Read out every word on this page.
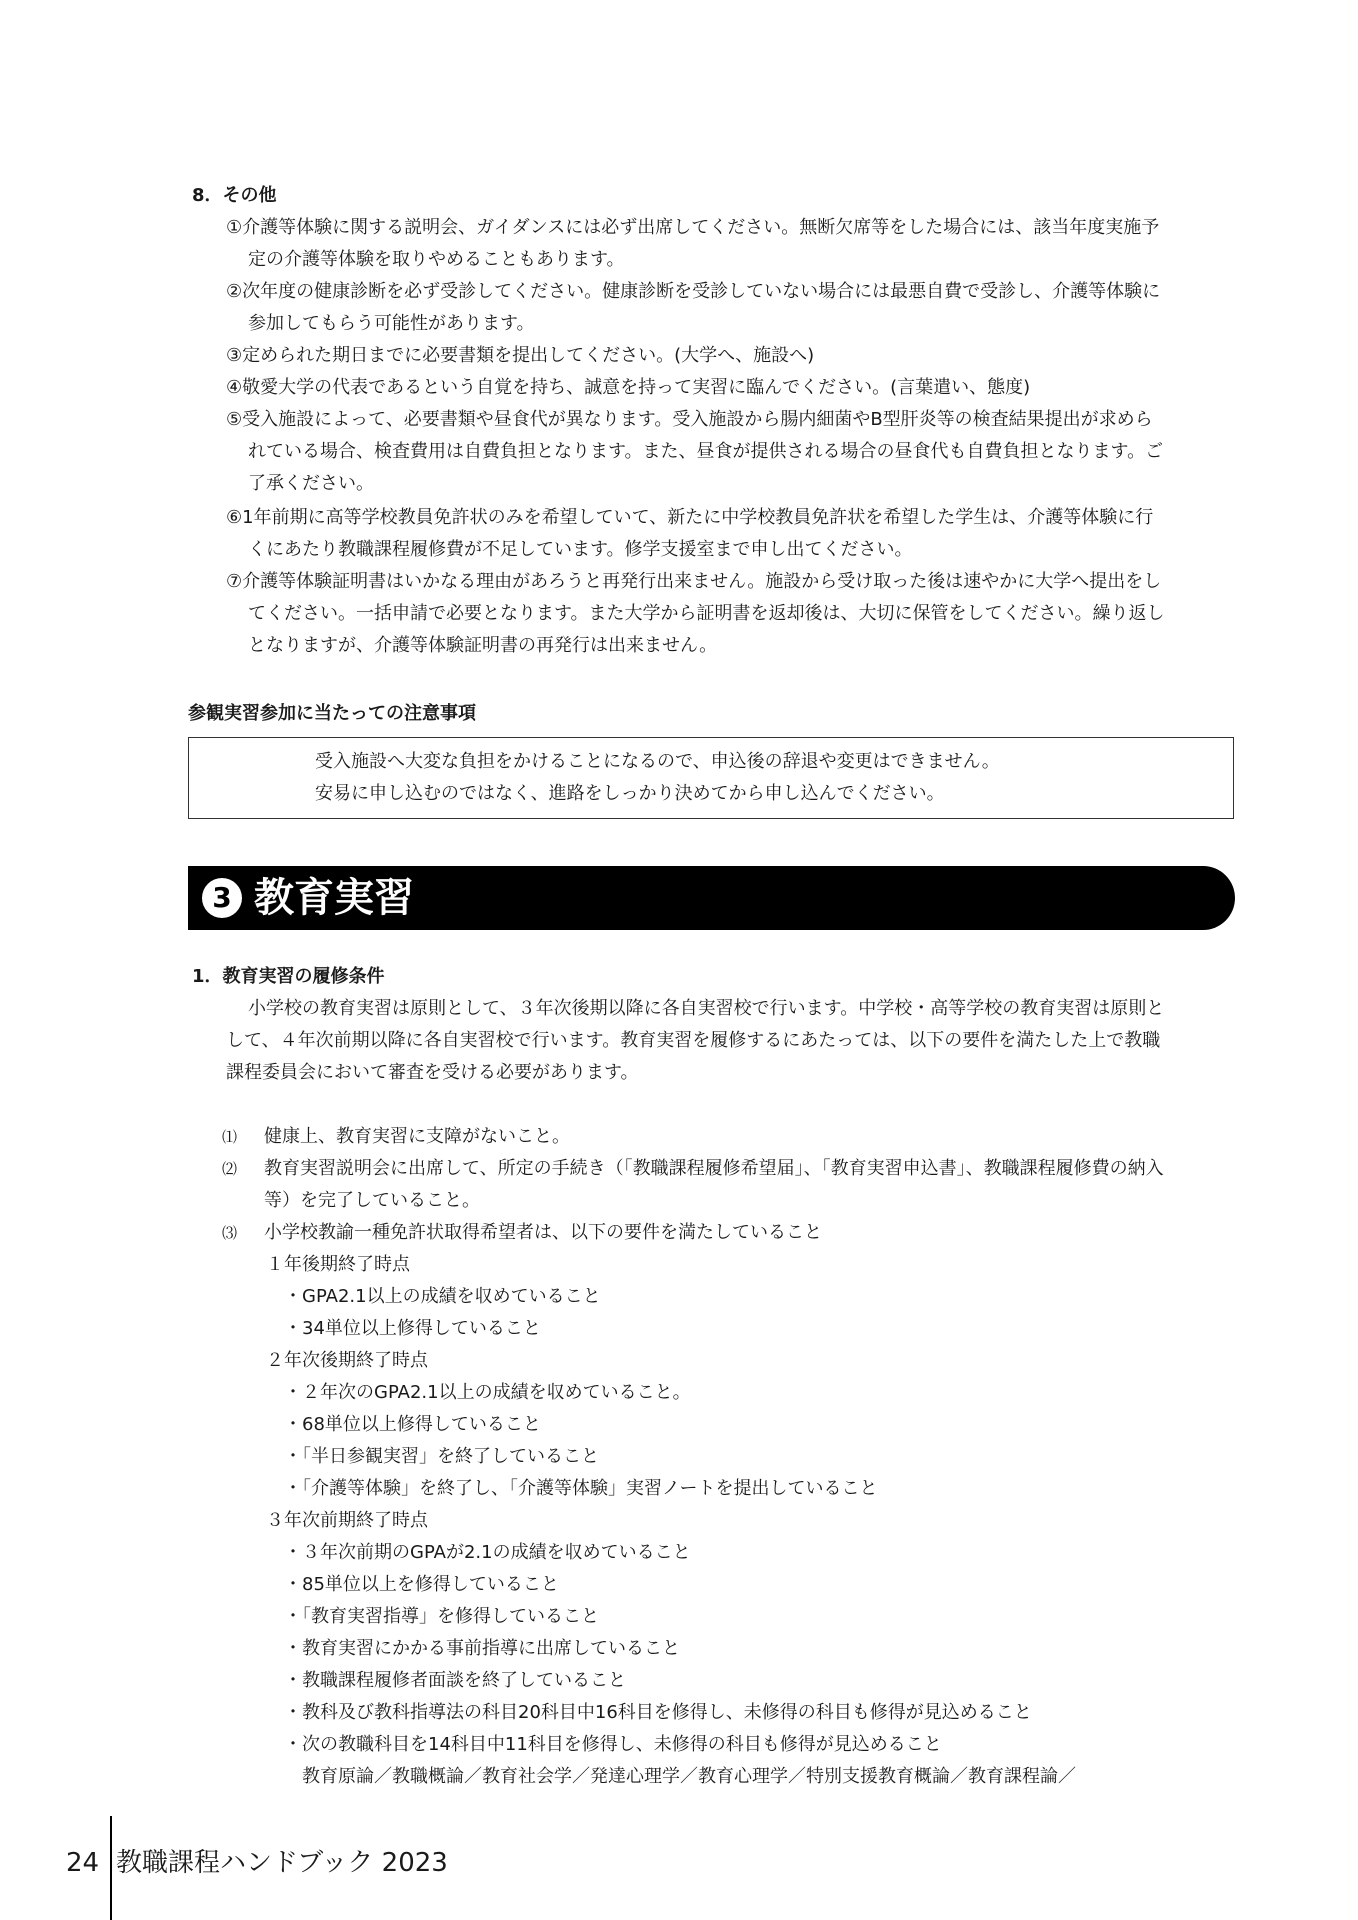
8．その他
①介護等体験に関する説明会、ガイダンスには必ず出席してください。無断欠席等をした場合には、該当年度実施予
定の介護等体験を取りやめることもあります。
②次年度の健康診断を必ず受診してください。健康診断を受診していない場合には最悪自費で受診し、介護等体験に
参加してもらう可能性があります。
③定められた期日までに必要書類を提出してください。(大学へ、施設へ)
④敬愛大学の代表であるという自覚を持ち、誠意を持って実習に臨んでください。(言葉遣い、態度)
⑤受入施設によって、必要書類や昼食代が異なります。受入施設から腸内細菌やB型肝炎等の検査結果提出が求めら
れている場合、検査費用は自費負担となります。また、昼食が提供される場合の昼食代も自費負担となります。ご
了承ください。
⑥1年前期に高等学校教員免許状のみを希望していて、新たに中学校教員免許状を希望した学生は、介護等体験に行
くにあたり教職課程履修費が不足しています。修学支援室まで申し出てください。
⑦介護等体験証明書はいかなる理由があろうと再発行出来ません。施設から受け取った後は速やかに大学へ提出をし
てください。一括申請で必要となります。また大学から証明書を返却後は、大切に保管をしてください。繰り返し
となりますが、介護等体験証明書の再発行は出来ません。
参観実習参加に当たっての注意事項
受入施設へ大変な負担をかけることになるので、申込後の辞退や変更はできません。
安易に申し込むのではなく、進路をしっかり決めてから申し込んでください。
3 教育実習
1．教育実習の履修条件
小学校の教育実習は原則として、３年次後期以降に各自実習校で行います。中学校・高等学校の教育実習は原則と
して、４年次前期以降に各自実習校で行います。教育実習を履修するにあたっては、以下の要件を満たした上で教職
課程委員会において審査を受ける必要があります。
⑴ 健康上、教育実習に支障がないこと。
⑵ 教育実習説明会に出席して、所定の手続き（「教職課程履修希望届」、「教育実習申込書」、教職課程履修費の納入
等）を完了していること。
⑶ 小学校教諭一種免許状取得希望者は、以下の要件を満たしていること
１年後期終了時点
・GPA2.1以上の成績を収めていること
・34単位以上修得していること
２年次後期終了時点
・２年次のGPA2.1以上の成績を収めていること。
・68単位以上修得していること
・「半日参観実習」を終了していること
・「介護等体験」を終了し、「介護等体験」実習ノートを提出していること
３年次前期終了時点
・３年次前期のGPAが2.1の成績を収めていること
・85単位以上を修得していること
・「教育実習指導」を修得していること
・教育実習にかかる事前指導に出席していること
・教職課程履修者面談を終了していること
・教科及び教科指導法の科目20科目中16科目を修得し、未修得の科目も修得が見込めること
・次の教職科目を14科目中11科目を修得し、未修得の科目も修得が見込めること
教育原論／教職概論／教育社会学／発達心理学／教育心理学／特別支援教育概論／教育課程論／
24 教職課程ハンドブック 2023
